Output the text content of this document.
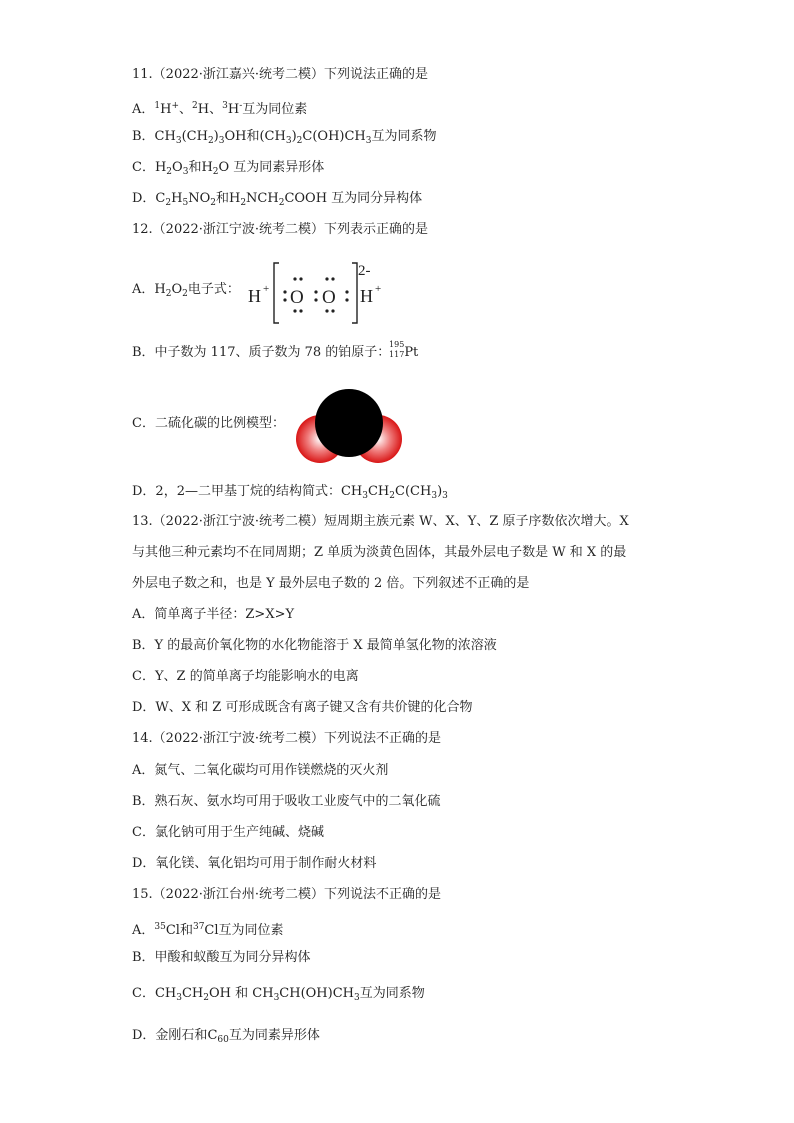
11.（2022·浙江嘉兴·统考二模）下列说法正确的是
A．$^1$H+、$^2$H、$^3$H-互为同位素
B．$CH_3(CH_2)_3OH$和$(CH_3)_2C(OH)CH_3$互为同系物
C．$H_2O_3$和$H_2O$ 互为同素异形体
D．$C_2H_5NO_2$和$H_2NCH_2COOH$ 互为同分异构体
12.（2022·浙江宁波·统考二模）下列表示正确的是
A．$H_2O_2$电子式： H + O O
2-
H +
B．中子数为 117、质子数为 78 的铂原子：
195
117 Pt
C．二硫化碳的比例模型：
D．2，2—二甲基丁烷的结构简式：$CH_3CH_2C(CH_3)_3$
13.（2022·浙江宁波·统考二模）短周期主族元素 W、X、Y、Z 原子序数依次增大。X
与其他三种元素均不在同周期；Z 单质为淡黄色固体，其最外层电子数是 W 和 X 的最
外层电子数之和，也是 Y 最外层电子数的 2 倍。下列叙述不正确的是
A．简单离子半径：Z>X>Y
B．Y 的最高价氧化物的水化物能溶于 X 最简单氢化物的浓溶液
C．Y、Z 的简单离子均能影响水的电离
D．W、X 和 Z 可形成既含有离子键又含有共价键的化合物
14.（2022·浙江宁波·统考二模）下列说法不正确的是
A．氮气、二氧化碳均可用作镁燃烧的灭火剂
B．熟石灰、氨水均可用于吸收工业废气中的二氧化硫
C．氯化钠可用于生产纯碱、烧碱
D．氧化镁、氧化铝均可用于制作耐火材料
15.（2022·浙江台州·统考二模）下列说法不正确的是
A．$^{35}$Cl和$^{37}$Cl互为同位素
B．甲酸和蚁酸互为同分异构体
C．$CH_3CH_2OH$ 和 $CH_3CH(OH)CH_3$互为同系物
D．金刚石和$C_{60}$互为同素异形体
